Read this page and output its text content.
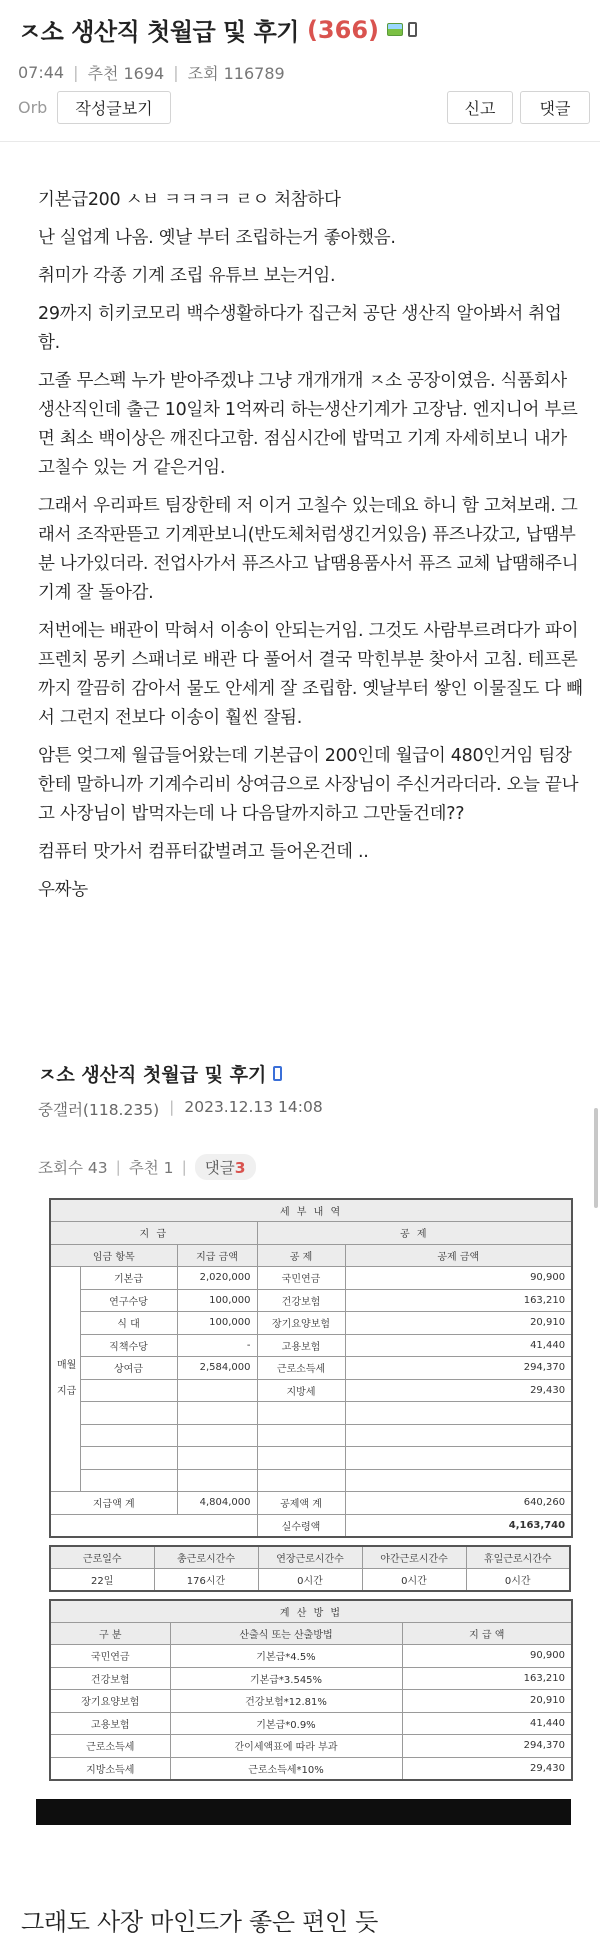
ㅈ소 생산직 첫월급 및 후기 (366)
07:44 | 추천 1694 | 조회 116789
Orb	작성글보기	신고	댓글

기본급200 ㅅㅂ ㅋㅋㅋㅋ ㄹㅇ 처참하다

난 실업계 나옴. 옛날 부터 조립하는거 좋아했음.

취미가 각종 기계 조립 유튜브 보는거임.

29까지 히키코모리 백수생활하다가 집근처 공단 생산직 알아봐서 취업함.

고졸 무스펙 누가 받아주겠냐 그냥 개개개개 ㅈ소 공장이였음. 식품회사 생산직인데 출근 10일차 1억짜리 하는생산기계가 고장남. 엔지니어 부르면 최소 백이상은 깨진다고함. 점심시간에 밥먹고 기계 자세히보니 내가 고칠수 있는 거 같은거임.

그래서 우리파트 팀장한테 저 이거 고칠수 있는데요 하니 함 고쳐보래. 그래서 조작판뜯고 기계판보니(반도체처럼생긴거있음) 퓨즈나갔고, 납땜부분 나가있더라. 전업사가서 퓨즈사고 납땜용품사서 퓨즈 교체 납땜해주니 기계 잘 돌아감.

저번에는 배관이 막혀서 이송이 안되는거임. 그것도 사람부르려다가 파이프렌치 몽키 스패너로 배관 다 풀어서 결국 막힌부분 찾아서 고침. 테프론까지 깔끔히 감아서 물도 안세게 잘 조립함. 옛날부터 쌓인 이물질도 다 빼서 그런지 전보다 이송이 훨씬 잘됨.

암튼 엊그제 월급들어왔는데 기본급이 200인데 월급이 480인거임 팀장한테 말하니까 기계수리비 상여금으로 사장님이 주신거라더라. 오늘 끝나고 사장님이 밥먹자는데 나 다음달까지하고 그만둘건데??

컴퓨터 맛가서 컴퓨터값벌려고 들어온건데 ..

우짜농

ㅈ소 생산직 첫월급 및 후기
중갤러(118.235) | 2023.12.13 14:08
조회수 43 | 추천 1 |	댓글3
세 부 내 역				
지 급			공 제	
임금 항목		지급 금액	공 제	공제 금액
매월
지급	기본급	2,020,000	국민연금	90,900
	연구수당	100,000	건강보험	163,210
	식 대	100,000	장기요양보험	20,910
	직책수당	-	고용보험	41,440
	상여금	2,584,000	근로소득세	294,370
			지방세	29,430

지급액 계		4,804,000	공제액 계	640,260
			실수령액	4,163,740
근로일수	총근로시간수	연장근로시간수	야간근로시간수	휴일근로시간수
22일	176시간	0시간	0시간	0시간
계 산 방 법		
구 분	산출식 또는 산출방법	지 급 액
국민연금	기본급*4.5%	90,900
건강보험	기본급*3.545%	163,210
장기요양보험	건강보험*12.81%	20,910
고용보험	기본급*0.9%	41,440
근로소득세	간이세액표에 따라 부과	294,370
지방소득세	근로소득세*10%	29,430
그래도 사장 마인드가 좋은 편인 듯
